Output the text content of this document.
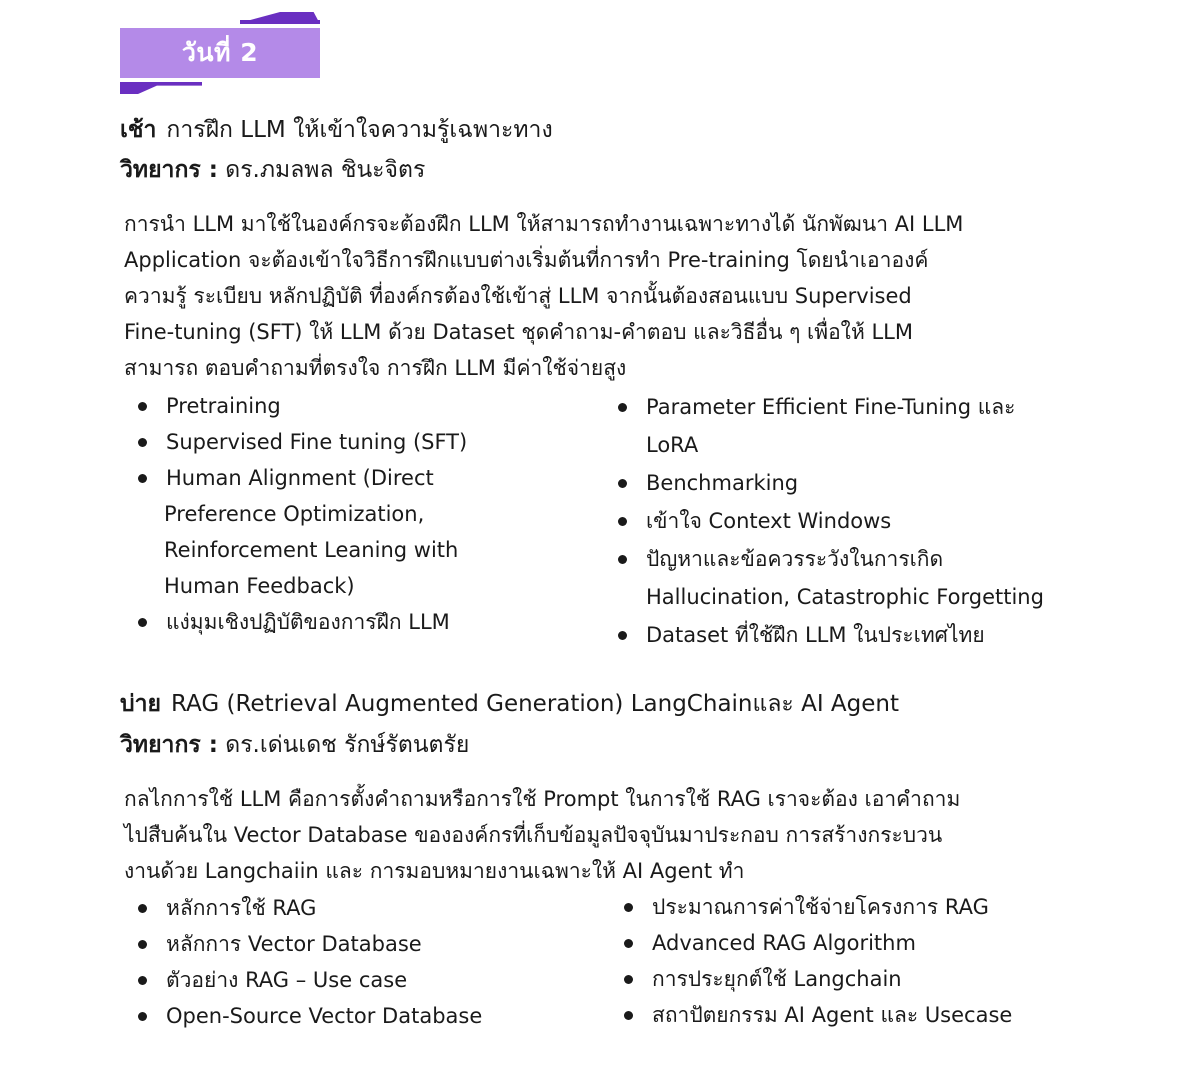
วันที่ 2
เช้า การฝึก LLM ให้เข้าใจความรู้เฉพาะทาง
วิทยากร : ดร.ภมลพล ชินะจิตร
การนำ LLM มาใช้ในองค์กรจะต้องฝึก LLM ให้สามารถทำงานเฉพาะทางได้ นักพัฒนา AI LLM
Application จะต้องเข้าใจวิธีการฝึกแบบต่างเริ่มต้นที่การทำ Pre-training โดยนำเอาองค์
ความรู้ ระเบียบ หลักปฏิบัติ ที่องค์กรต้องใช้เข้าสู่ LLM จากนั้นต้องสอนแบบ Supervised
Fine-tuning (SFT) ให้ LLM ด้วย Dataset ชุดคำถาม-คำตอบ และวิธีอื่น ๆ เพื่อให้ LLM
สามารถ ตอบคำถามที่ตรงใจ การฝึก LLM มีค่าใช้จ่ายสูง
Pretraining
Supervised Fine tuning (SFT)
Human Alignment (Direct
Preference Optimization,
Reinforcement Leaning with
Human Feedback)
แง่มุมเชิงปฏิบัติของการฝึก LLM
Parameter Efficient Fine-Tuning และ
LoRA
Benchmarking
เข้าใจ Context Windows
ปัญหาและข้อควรระวังในการเกิด
Hallucination, Catastrophic Forgetting
Dataset ที่ใช้ฝึก LLM ในประเทศไทย
บ่าย RAG (Retrieval Augmented Generation) LangChainและ AI Agent
วิทยากร : ดร.เด่นเดช รักษ์รัตนตรัย
กลไกการใช้ LLM คือการตั้งคำถามหรือการใช้ Prompt ในการใช้ RAG เราจะต้อง เอาคำถาม
ไปสืบค้นใน Vector Database ขององค์กรที่เก็บข้อมูลปัจจุบันมาประกอบ การสร้างกระบวน
งานด้วย Langchaiin และ การมอบหมายงานเฉพาะให้ AI Agent ทำ
หลักการใช้ RAG
หลักการ Vector Database
ตัวอย่าง RAG – Use case
Open-Source Vector Database
ประมาณการค่าใช้จ่ายโครงการ RAG
Advanced RAG Algorithm
การประยุกต์ใช้ Langchain
สถาปัตยกรรม AI Agent และ Usecase
